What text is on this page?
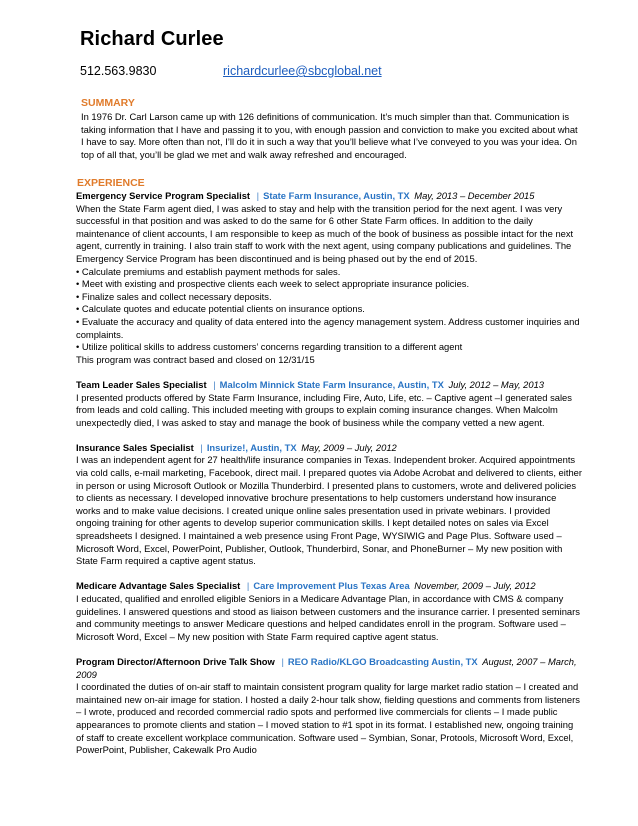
Richard Curlee
512.563.9830	richardcurlee@sbcglobal.net
SUMMARY
In 1976 Dr. Carl Larson came up with 126 definitions of communication. It’s much simpler than that. Communication is taking information that I have and passing it to you, with enough passion and conviction to make you excited about what I have to say. More often than not, I’ll do it in such a way that you’ll believe what I’ve conveyed to you was your idea. On top of all that, you’ll be glad we met and walk away refreshed and encouraged.
EXPERIENCE
Emergency Service Program Specialist | State Farm Insurance, Austin, TX May, 2013 – December 2015
When the State Farm agent died, I was asked to stay and help with the transition period for the next agent. I was very successful in that position and was asked to do the same for 6 other State Farm offices. In addition to the daily maintenance of client accounts, I am responsible to keep as much of the book of business as possible intact for the next agent, currently in training. I also train staff to work with the next agent, using company publications and guidelines. The Emergency Service Program has been discontinued and is being phased out by the end of 2015.
• Calculate premiums and establish payment methods for sales.
• Meet with existing and prospective clients each week to select appropriate insurance policies.
• Finalize sales and collect necessary deposits.
• Calculate quotes and educate potential clients on insurance options.
• Evaluate the accuracy and quality of data entered into the agency management system. Address customer inquiries and complaints.
• Utilize political skills to address customers’ concerns regarding transition to a different agent
This program was contract based and closed on 12/31/15
Team Leader Sales Specialist | Malcolm Minnick State Farm Insurance, Austin, TX July, 2012 – May, 2013
I presented products offered by State Farm Insurance, including Fire, Auto, Life, etc. – Captive agent –I generated sales from leads and cold calling. This included meeting with groups to explain coming insurance changes. When Malcolm unexpectedly died, I was asked to stay and manage the book of business while the company vetted a new agent.
Insurance Sales Specialist | Insurize!, Austin, TX May, 2009 – July, 2012
I was an independent agent for 27 health/life insurance companies in Texas. Independent broker. Acquired appointments via cold calls, e-mail marketing, Facebook, direct mail. I prepared quotes via Adobe Acrobat and delivered to clients, either in person or using Microsoft Outlook or Mozilla Thunderbird. I presented plans to customers, wrote and delivered policies to clients as necessary. I developed innovative brochure presentations to help customers understand how insurance works and to make value decisions. I created unique online sales presentation used in private webinars. I provided ongoing training for other agents to develop superior communication skills. I kept detailed notes on sales via Excel spreadsheets I designed. I maintained a web presence using Front Page, WYSIWIG and Page Plus. Software used – Microsoft Word, Excel, PowerPoint, Publisher, Outlook, Thunderbird, Sonar, and PhoneBurner – My new position with State Farm required a captive agent status.
Medicare Advantage Sales Specialist | Care Improvement Plus Texas Area November, 2009 – July, 2012
I educated, qualified and enrolled eligible Seniors in a Medicare Advantage Plan, in accordance with CMS & company guidelines. I answered questions and stood as liaison between customers and the insurance carrier. I presented seminars and community meetings to answer Medicare questions and helped candidates enroll in the program. Software used – Microsoft Word, Excel – My new position with State Farm required captive agent status.
Program Director/Afternoon Drive Talk Show | REO Radio/KLGO Broadcasting Austin, TX August, 2007 – March, 2009
I coordinated the duties of on-air staff to maintain consistent program quality for large market radio station – I created and maintained new on-air image for station. I hosted a daily 2-hour talk show, fielding questions and comments from listeners – I wrote, produced and recorded commercial radio spots and performed live commercials for clients – I made public appearances to promote clients and station – I moved station to #1 spot in its format. I established new, ongoing training of staff to create excellent workplace communication. Software used – Symbian, Sonar, Protools, Microsoft Word, Excel, PowerPoint, Publisher, Cakewalk Pro Audio
